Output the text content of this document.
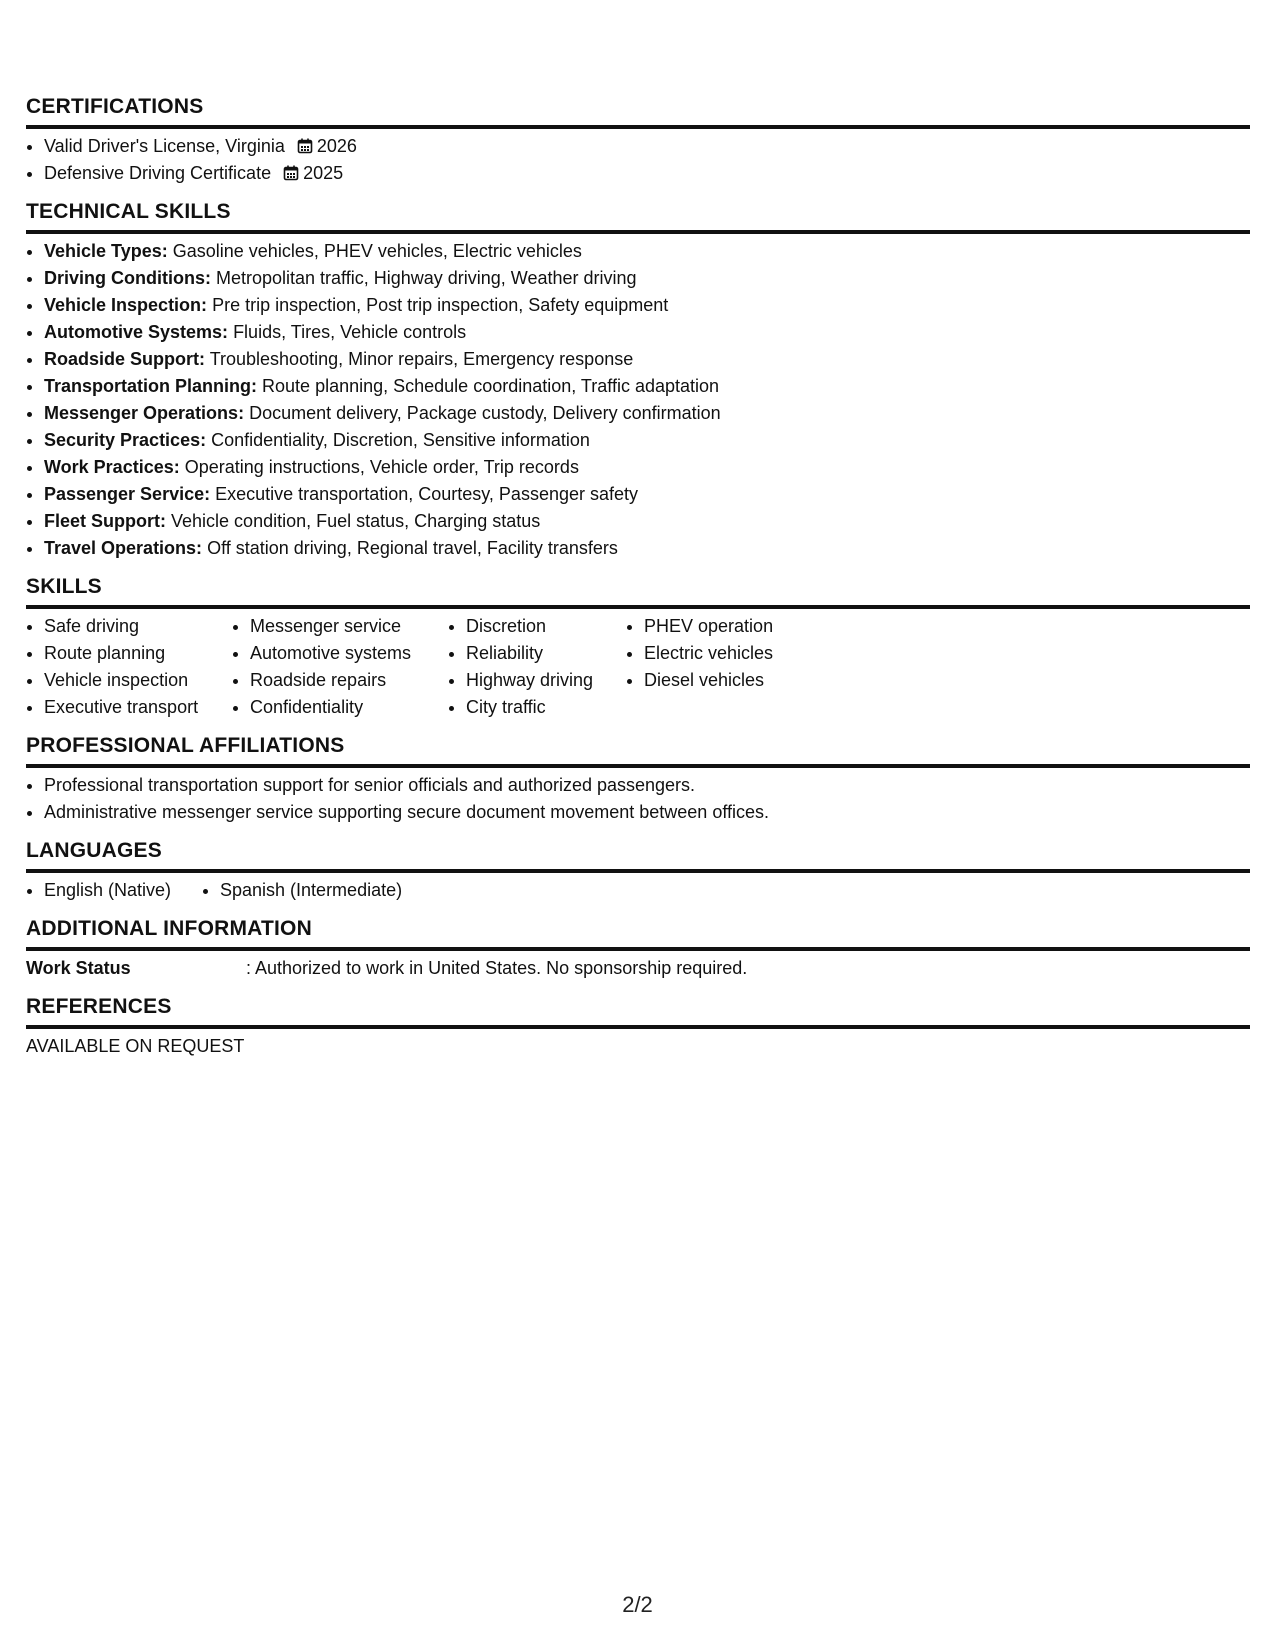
CERTIFICATIONS
• Valid Driver's License, Virginia 2026
• Defensive Driving Certificate 2025
TECHNICAL SKILLS
• Vehicle Types: Gasoline vehicles, PHEV vehicles, Electric vehicles
• Driving Conditions: Metropolitan traffic, Highway driving, Weather driving
• Vehicle Inspection: Pre trip inspection, Post trip inspection, Safety equipment
• Automotive Systems: Fluids, Tires, Vehicle controls
• Roadside Support: Troubleshooting, Minor repairs, Emergency response
• Transportation Planning: Route planning, Schedule coordination, Traffic adaptation
• Messenger Operations: Document delivery, Package custody, Delivery confirmation
• Security Practices: Confidentiality, Discretion, Sensitive information
• Work Practices: Operating instructions, Vehicle order, Trip records
• Passenger Service: Executive transportation, Courtesy, Passenger safety
• Fleet Support: Vehicle condition, Fuel status, Charging status
• Travel Operations: Off station driving, Regional travel, Facility transfers
SKILLS
• Safe driving
• Route planning
• Vehicle inspection
• Executive transport
• Messenger service
• Automotive systems
• Roadside repairs
• Confidentiality
• Discretion
• Reliability
• Highway driving
• City traffic
• PHEV operation
• Electric vehicles
• Diesel vehicles
PROFESSIONAL AFFILIATIONS
• Professional transportation support for senior officials and authorized passengers.
• Administrative messenger service supporting secure document movement between offices.
LANGUAGES
• English (Native)
•	Spanish (Intermediate)
ADDITIONAL INFORMATION
Work Status	: Authorized to work in United States. No sponsorship required.
REFERENCES
AVAILABLE ON REQUEST
2/2
